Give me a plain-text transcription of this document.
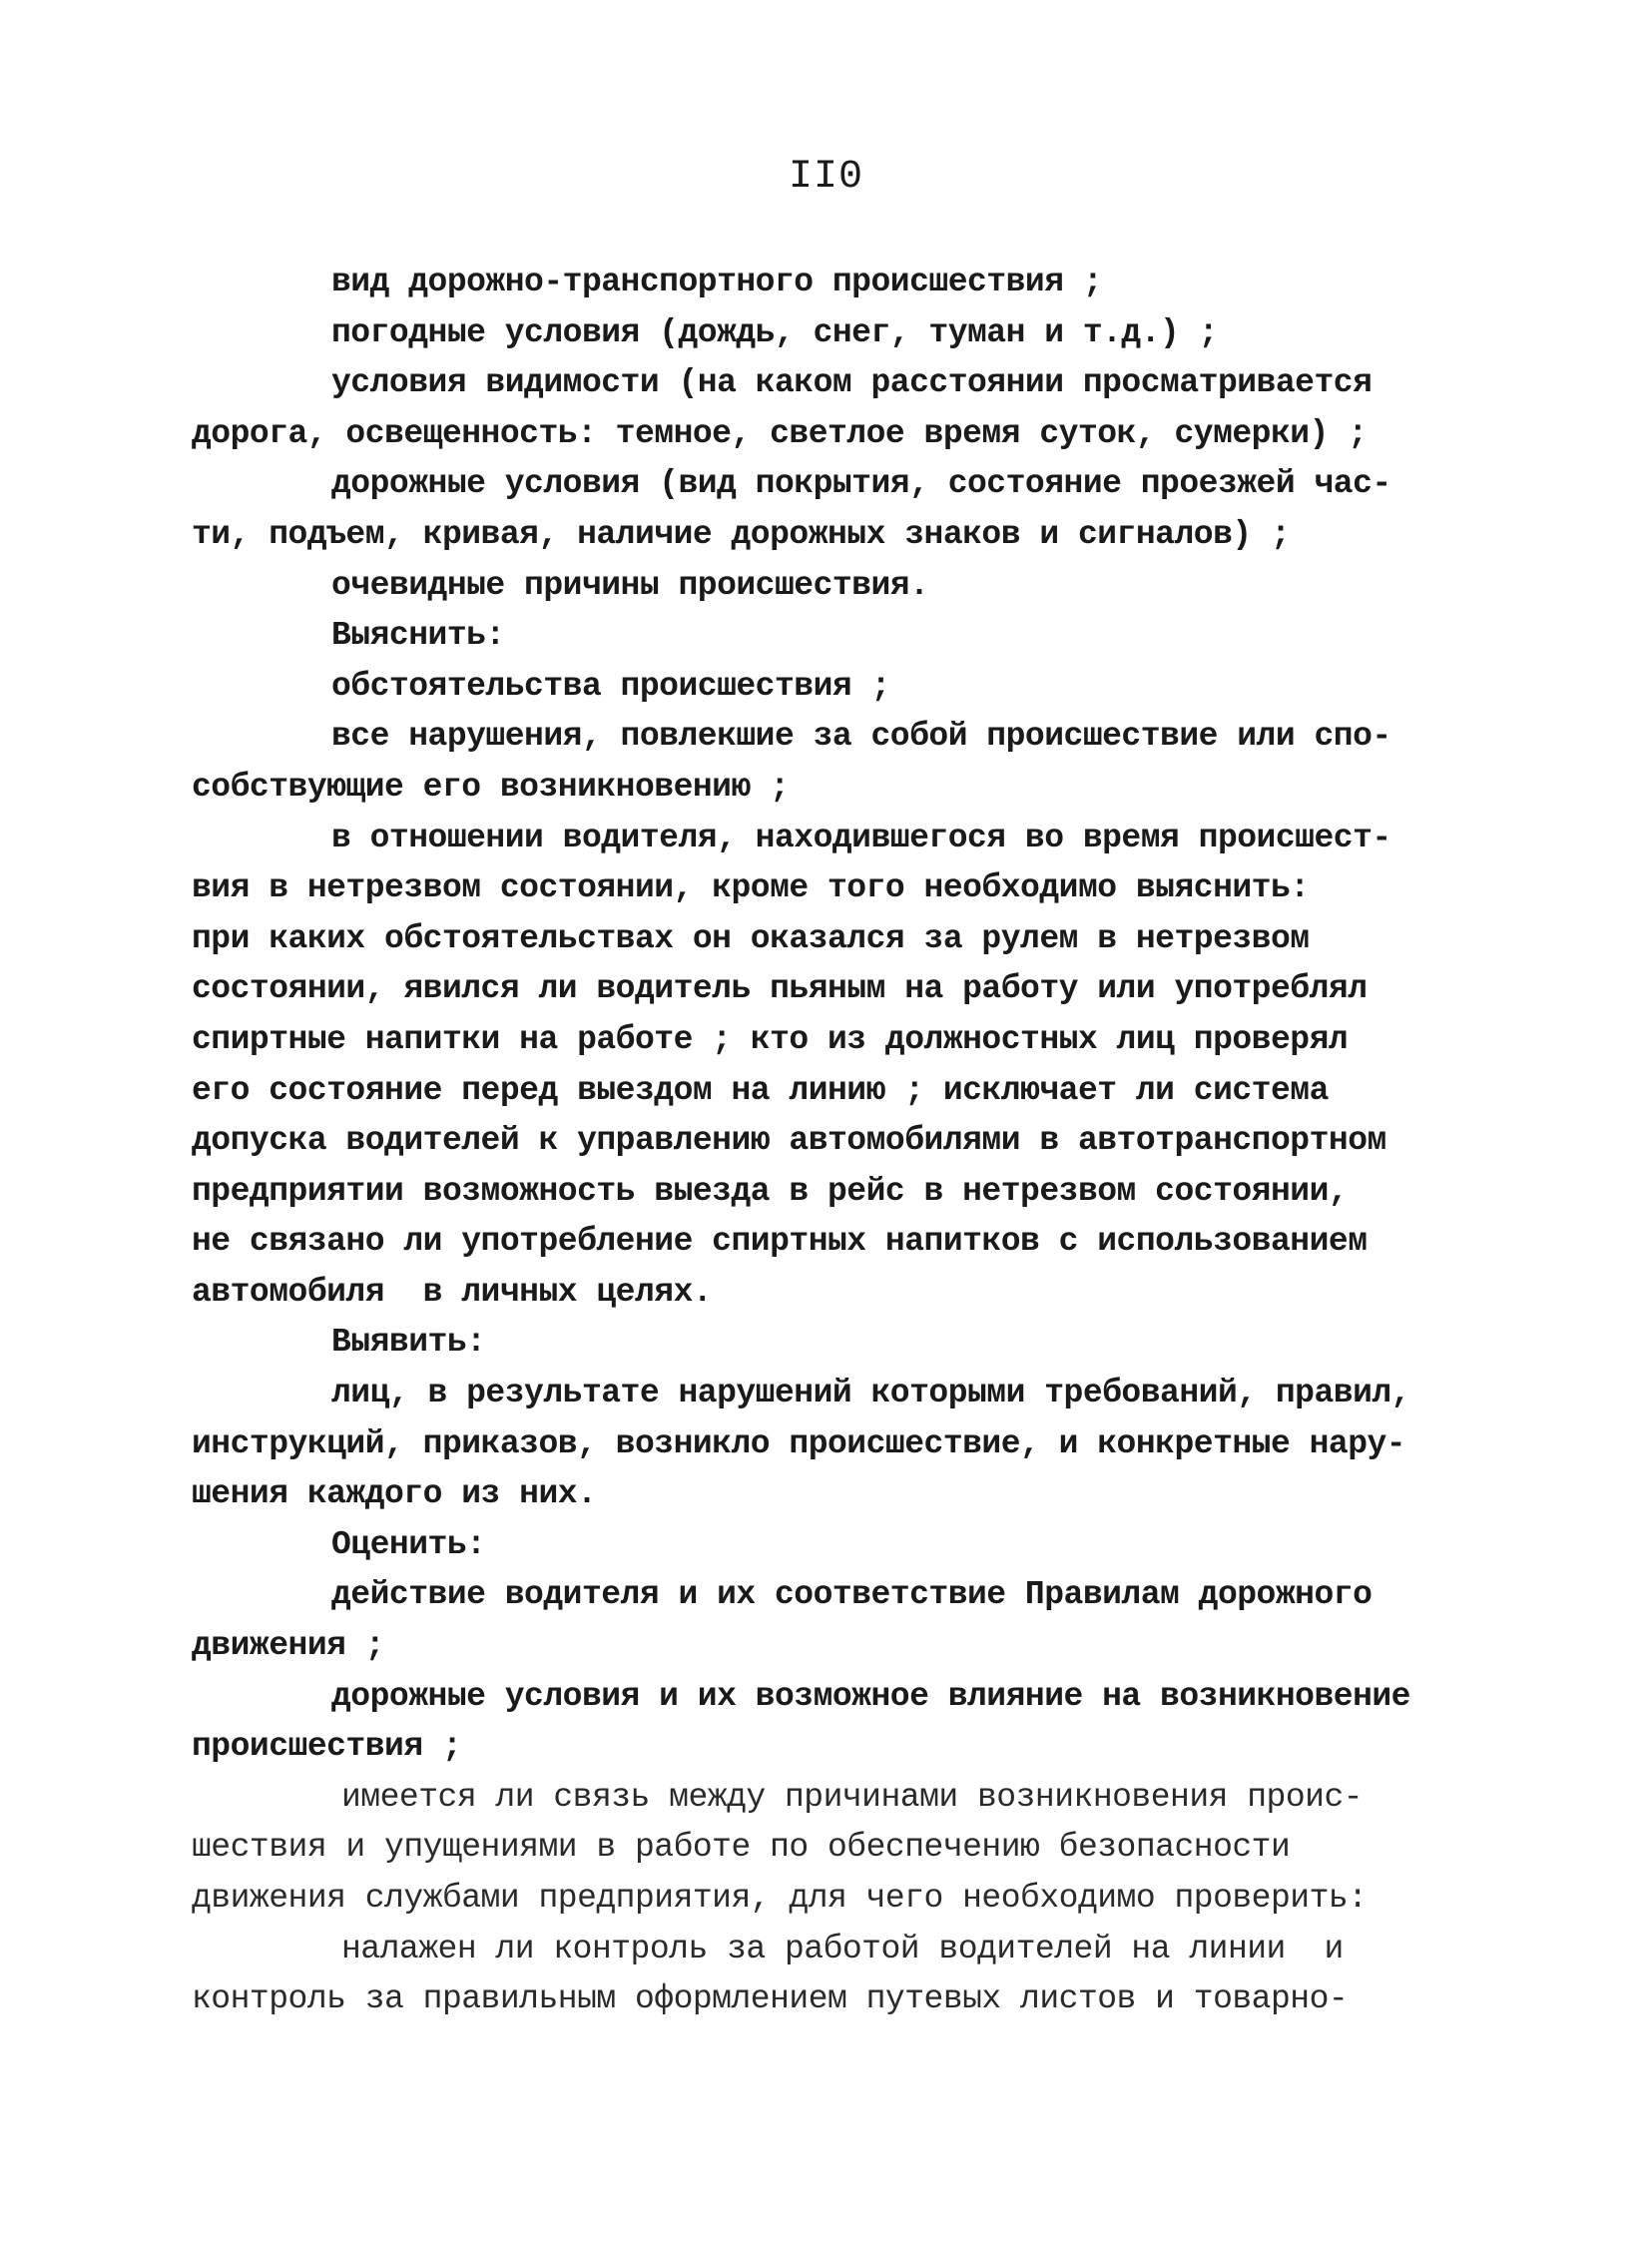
II0
вид дорожно-транспортного происшествия ;
погодные условия (дождь, снег, туман и т.д.) ;
условия видимости (на каком расстоянии просматривается
дорога, освещенность: темное, светлое время суток, сумерки) ;
дорожные условия (вид покрытия, состояние проезжей час-
ти, подъем, кривая, наличие дорожных знаков и сигналов) ;
очевидные причины происшествия.
Выяснить:
обстоятельства происшествия ;
все нарушения, повлекшие за собой происшествие или спо-
собствующие его возникновению ;
в отношении водителя, находившегося во время происшест-
вия в нетрезвом состоянии, кроме того необходимо выяснить:
при каких обстоятельствах он оказался за рулем в нетрезвом
состоянии, явился ли водитель пьяным на работу или употреблял
спиртные напитки на работе ; кто из должностных лиц проверял
его состояние перед выездом на линию ; исключает ли система
допуска водителей к управлению автомобилями в автотранспортном
предприятии возможность выезда в рейс в нетрезвом состоянии,
не связано ли употребление спиртных напитков с использованием
автомобиля  в личных целях.
Выявить:
лиц, в результате нарушений которыми требований, правил,
инструкций, приказов, возникло происшествие, и конкретные нару-
шения каждого из них.
Оценить:
действие водителя и их соответствие Правилам дорожного
движения ;
дорожные условия и их возможное влияние на возникновение
происшествия ;
имеется ли связь между причинами возникновения проис-
шествия и упущениями в работе по обеспечению безопасности
движения службами предприятия, для чего необходимо проверить:
налажен ли контроль за работой водителей на линии  и
контроль за правильным оформлением путевых листов и товарно-
